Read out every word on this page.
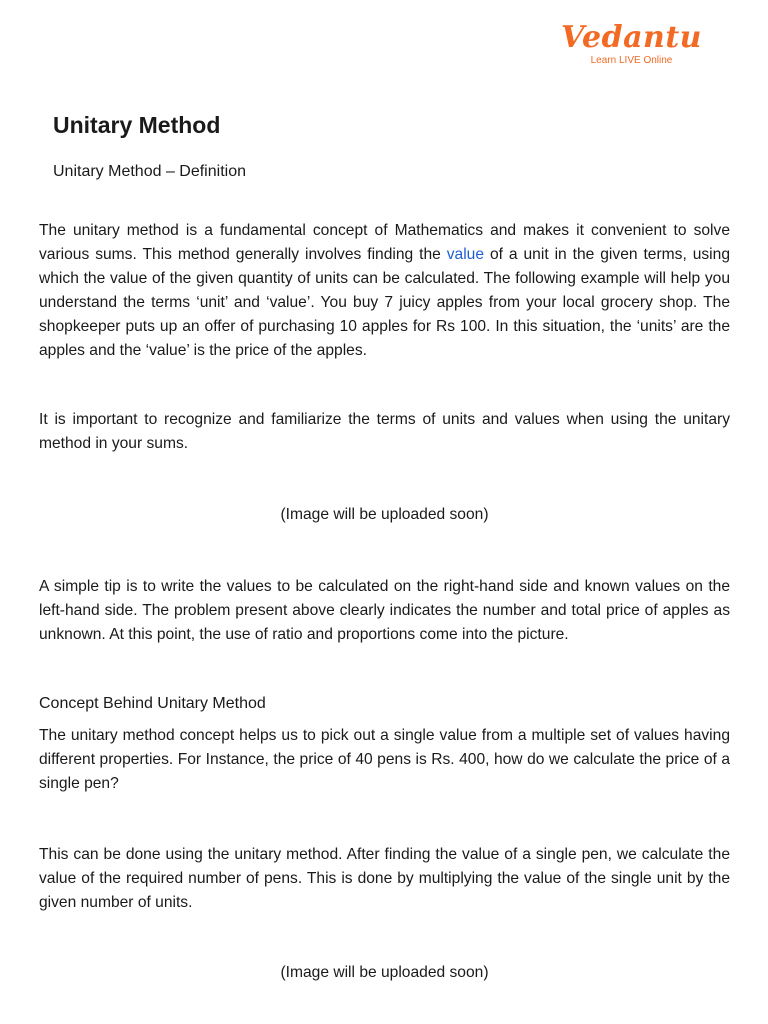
Vedantu
Learn LIVE Online
Unitary Method
Unitary Method – Definition

The unitary method is a fundamental concept of Mathematics and makes it convenient to solve various sums. This method generally involves finding the value of a unit in the given terms, using which the value of the given quantity of units can be calculated. The following example will help you understand the terms ‘unit’ and ‘value’. You buy 7 juicy apples from your local grocery shop. The shopkeeper puts up an offer of purchasing 10 apples for Rs 100. In this situation, the ‘units’ are the apples and the ‘value’ is the price of the apples.

It is important to recognize and familiarize the terms of units and values when using the unitary method in your sums.

(Image will be uploaded soon)

A simple tip is to write the values to be calculated on the right-hand side and known values on the left-hand side. The problem present above clearly indicates the number and total price of apples as unknown. At this point, the use of ratio and proportions come into the picture.

Concept Behind Unitary Method

The unitary method concept helps us to pick out a single value from a multiple set of values having different properties. For Instance, the price of 40 pens is Rs. 400, how do we calculate the price of a single pen?

This can be done using the unitary method. After finding the value of a single pen, we calculate the value of the required number of pens. This is done by multiplying the value of the single unit by the given number of units.

(Image will be uploaded soon)
